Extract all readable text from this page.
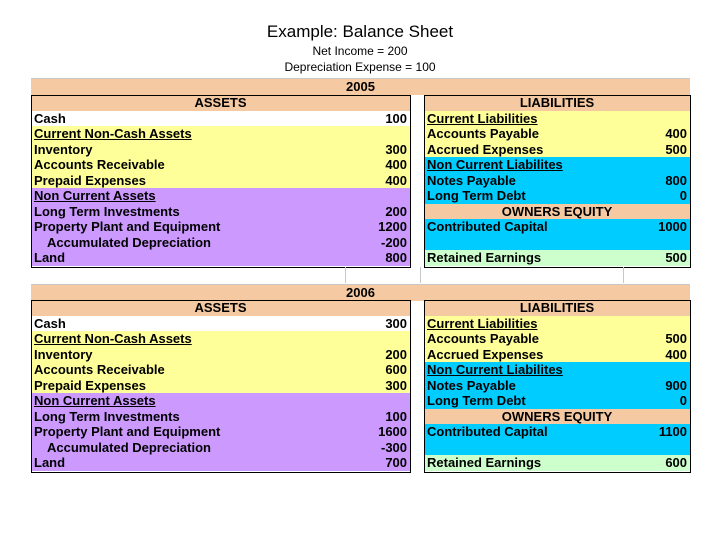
Example: Balance Sheet
Net Income = 200
Depreciation Expense = 100
2005
ASSETS	
Cash	100
Current Non-Cash Assets	
Inventory	300
Accounts Receivable	400
Prepaid Expenses	400
Non Current Assets	
Long Term Investments	200
Property Plant and Equipment	1200
Accumulated Depreciation	-200
Land	800
LIABILITIES	
Current Liabilities	
Accounts Payable	400
Accrued Expenses	500
Non Current Liabilites	
Notes Payable	800
Long Term Debt	0
OWNERS EQUITY	
Contributed Capital	1000

Retained Earnings	500
2006
ASSETS	
Cash	300
Current Non-Cash Assets	
Inventory	200
Accounts Receivable	600
Prepaid Expenses	300
Non Current Assets	
Long Term Investments	100
Property Plant and Equipment	1600
Accumulated Depreciation	-300
Land	700
LIABILITIES	
Current Liabilities	
Accounts Payable	500
Accrued Expenses	400
Non Current Liabilites	
Notes Payable	900
Long Term Debt	0
OWNERS EQUITY	
Contributed Capital	1100

Retained Earnings	600
